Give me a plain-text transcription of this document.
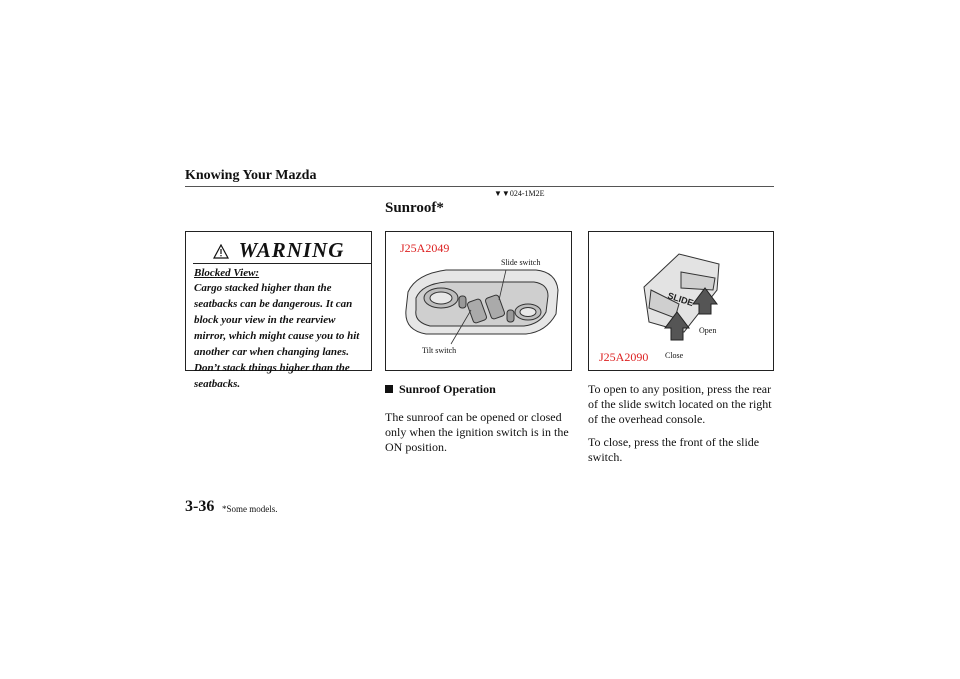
Knowing Your Mazda
▼▼024-1M2E
Sunroof*
WARNING
Blocked View:
Cargo stacked higher than the seatbacks can be dangerous. It can block your view in the rearview mirror, which might cause you to hit another car when changing lanes. Don’t stack things higher than the seatbacks.
J25A2049
Slide switch
Tilt switch
SLIDE
J25A2090
Open
Close
Sunroof Operation
The sunroof can be opened or closed only when the ignition switch is in the ON position.
To open to any position, press the rear of the slide switch located on the right of the overhead console.
To close, press the front of the slide switch.
3-36 *Some models.
